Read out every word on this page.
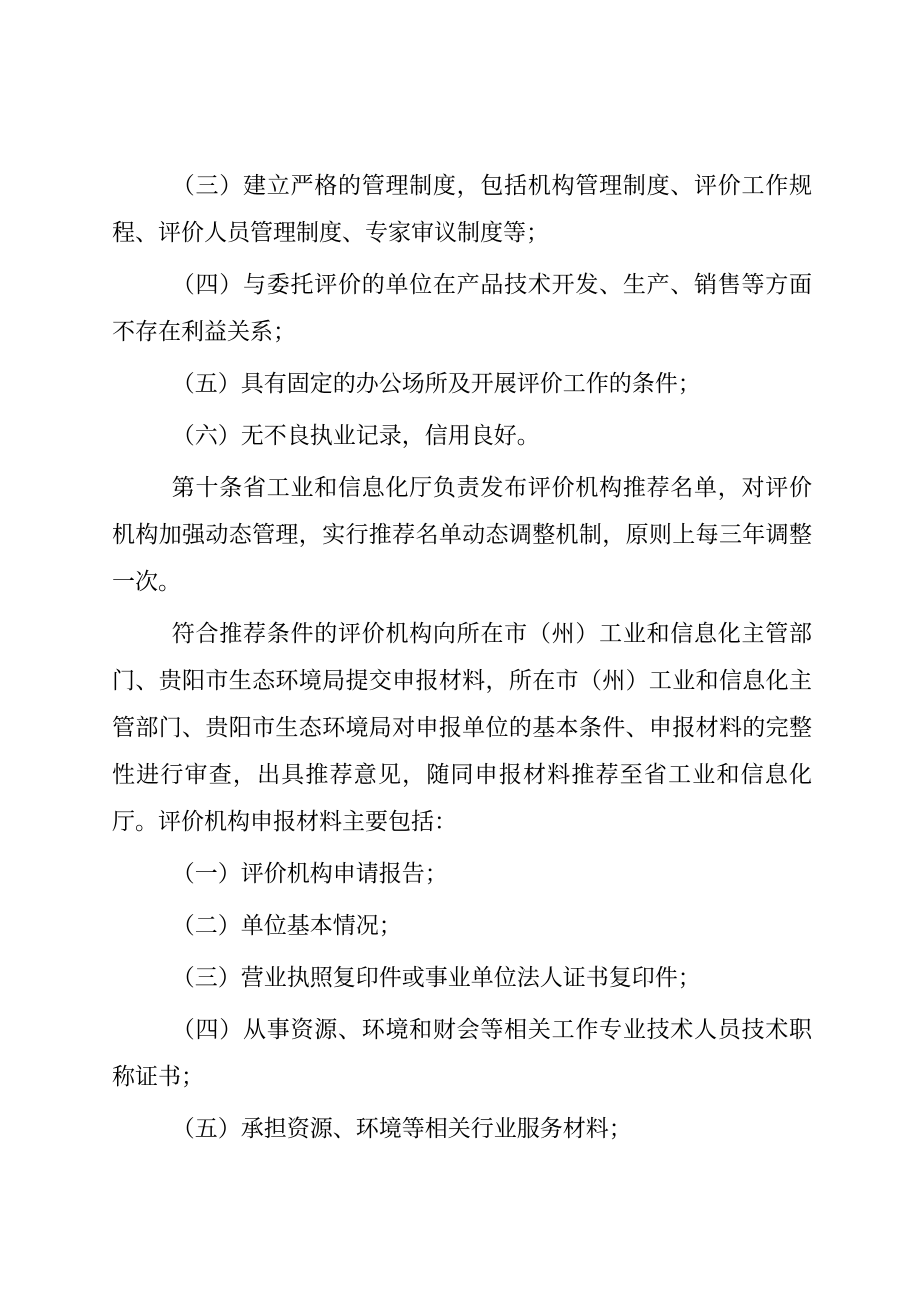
（三）建立严格的管理制度，包括机构管理制度、评价工作规程、评价人员管理制度、专家审议制度等；

（四）与委托评价的单位在产品技术开发、生产、销售等方面不存在利益关系；

（五）具有固定的办公场所及开展评价工作的条件；

（六）无不良执业记录，信用良好。

第十条省工业和信息化厅负责发布评价机构推荐名单，对评价机构加强动态管理，实行推荐名单动态调整机制，原则上每三年调整一次。

符合推荐条件的评价机构向所在市（州）工业和信息化主管部门、贵阳市生态环境局提交申报材料，所在市（州）工业和信息化主管部门、贵阳市生态环境局对申报单位的基本条件、申报材料的完整性进行审查，出具推荐意见，随同申报材料推荐至省工业和信息化厅。评价机构申报材料主要包括：

（一）评价机构申请报告；

（二）单位基本情况；

（三）营业执照复印件或事业单位法人证书复印件；

（四）从事资源、环境和财会等相关工作专业技术人员技术职称证书；

（五）承担资源、环境等相关行业服务材料；
